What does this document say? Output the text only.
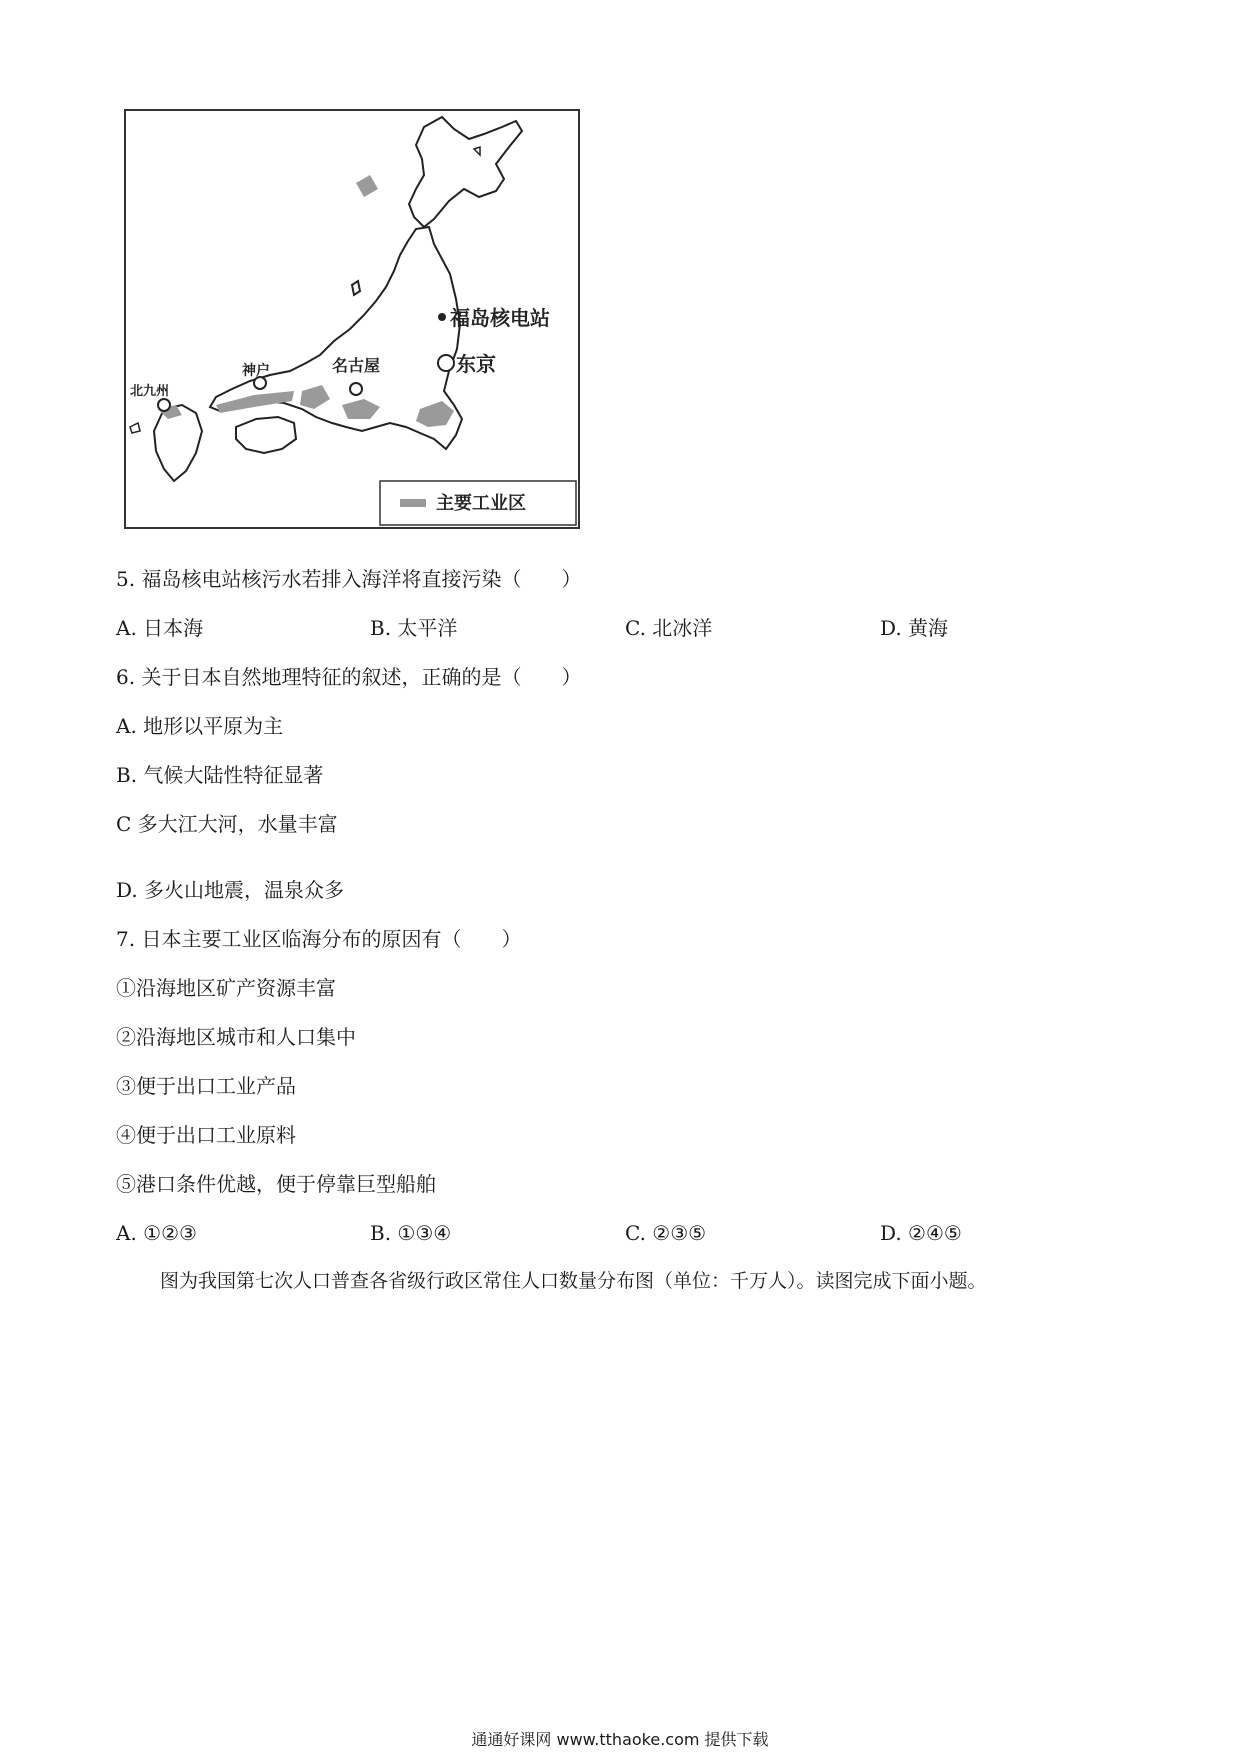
福岛核电站
东京
名古屋
神户
北九州
主要工业区
5. 福岛核电站核污水若排入海洋将直接污染（　　）
A. 日本海	B. 太平洋	C. 北冰洋	D. 黄海
6. 关于日本自然地理特征的叙述，正确的是（　　）
A. 地形以平原为主
B. 气候大陆性特征显著
C 多大江大河，水量丰富
D. 多火山地震，温泉众多
7. 日本主要工业区临海分布的原因有（　　）
①沿海地区矿产资源丰富
②沿海地区城市和人口集中
③便于出口工业产品
④便于出口工业原料
⑤港口条件优越，便于停靠巨型船舶
A. ①②③	B. ①③④	C. ②③⑤	D. ②④⑤
图为我国第七次人口普查各省级行政区常住人口数量分布图（单位：千万人）。读图完成下面小题。
通通好课网 www.tthaoke.com 提供下载
